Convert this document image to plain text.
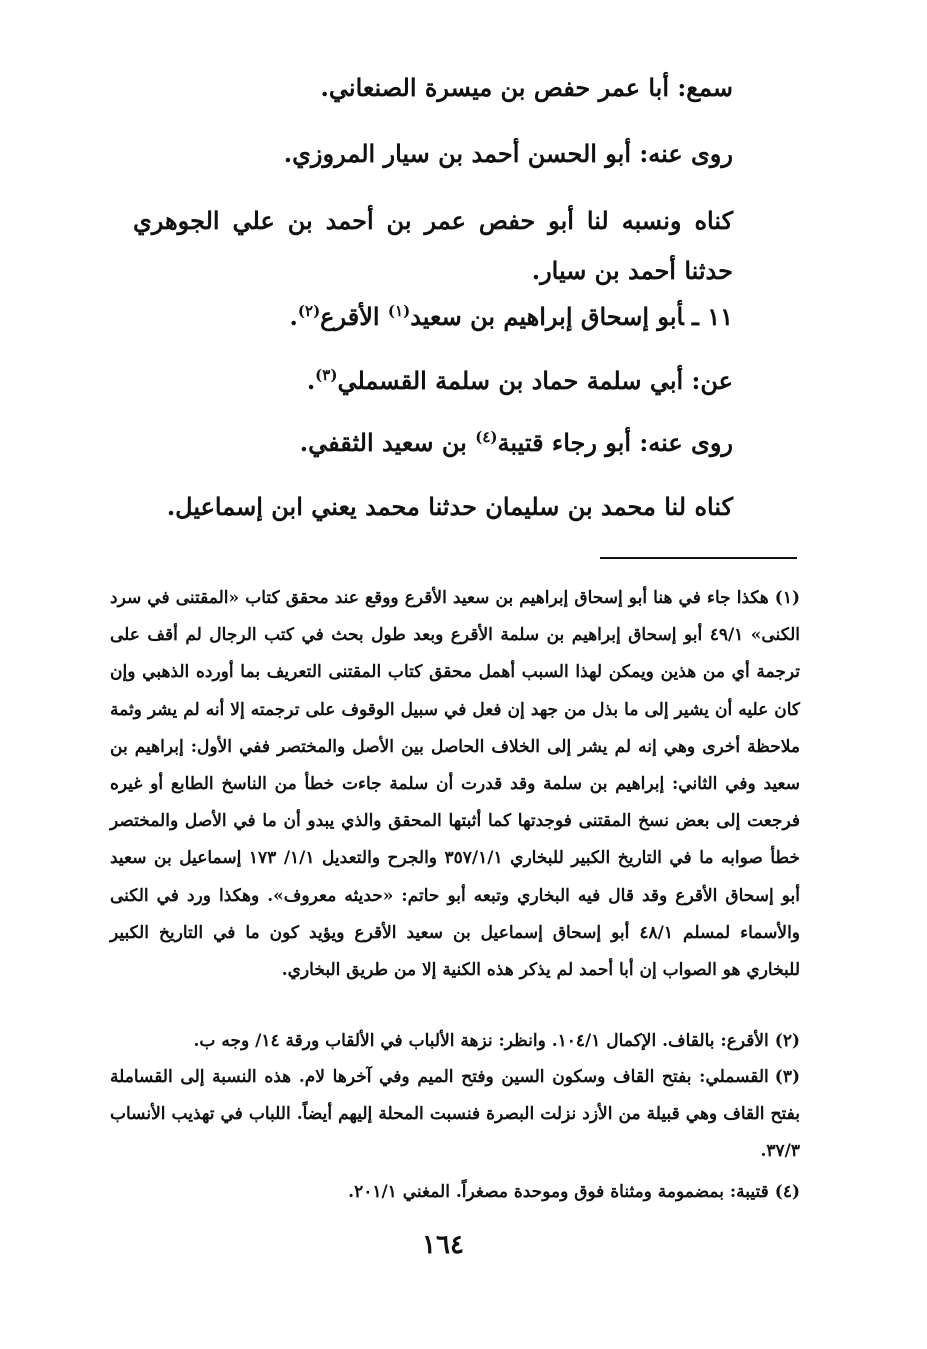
سمع: أبا عمر حفص بن ميسرة الصنعاني.
روى عنه: أبو الحسن أحمد بن سيار المروزي.
كناه ونسبه لنا أبو حفص عمر بن أحمد بن علي الجوهري حدثنا أحمد بن سيار.
١١ ـأبو إسحاق إبراهيم بن سعيد$^{(١)}$ الأقرع$^{(٢)}$.
عن: أبي سلمة حماد بن سلمة القسملي$^{(٣)}$.
روى عنه: أبو رجاء قتيبة$^{(٤)}$ بن سعيد الثقفي.
كناه لنا محمد بن سليمان حدثنا محمد يعني ابن إسماعيل.
(١)هكذا جاء في هنا أبو إسحاق إبراهيم بن سعيد الأقرع ووقع عند محقق كتاب «المقتنى في سرد الكنى» ٤٩/١ أبو إسحاق إبراهيم بن سلمة الأقرع وبعد طول بحث في كتب الرجال لم أقف على ترجمة أي من هذين ويمكن لهذا السبب أهمل محقق كتاب المقتنى التعريف بما أورده الذهبي وإن كان عليه أن يشير إلى ما بذل من جهد إن فعل في سبيل الوقوف على ترجمته إلا أنه لم يشر وثمة ملاحظة أخرى وهي إنه لم يشر إلى الخلاف الحاصل بين الأصل والمختصر ففي الأول: إبراهيم بن سعيد وفي الثاني: إبراهيم بن سلمة وقد قدرت أن سلمة جاءت خطأ من الناسخ الطابع أو غيره فرجعت إلى بعض نسخ المقتنى فوجدتها كما أثبتها المحقق والذي يبدو أن ما في الأصل والمختصر خطأ صوابه ما في التاريخ الكبير للبخاري ٣٥٧/١/١ والجرح والتعديل ١/١/ ١٧٣ إسماعيل بن سعيد أبو إسحاق الأقرع وقد قال فيه البخاري وتبعه أبو حاتم: «حديثه معروف». وهكذا ورد في الكنى والأسماء لمسلم ٤٨/١ أبو إسحاق إسماعيل بن سعيد الأقرع ويؤيد كون ما في التاريخ الكبير للبخاري هو الصواب إن أبا أحمد لم يذكر هذه الكنية إلا من طريق البخاري.
(٢)الأقرع: بالقاف. الإكمال ١٠٤/١. وانظر: نزهة الألباب في الألقاب ورقة ١٤/ وجه ب.
(٣)القسملي: بفتح القاف وسكون السين وفتح الميم وفي آخرها لام. هذه النسبة إلى القساملة بفتح القاف وهي قبيلة من الأزد نزلت البصرة فنسبت المحلة إليهم أيضاً. اللباب في تهذيب الأنساب ٣٧/٣.
(٤)قتيبة: بمضمومة ومثناة فوق وموحدة مصغراً. المغني ٢٠١/١.
١٦٤
